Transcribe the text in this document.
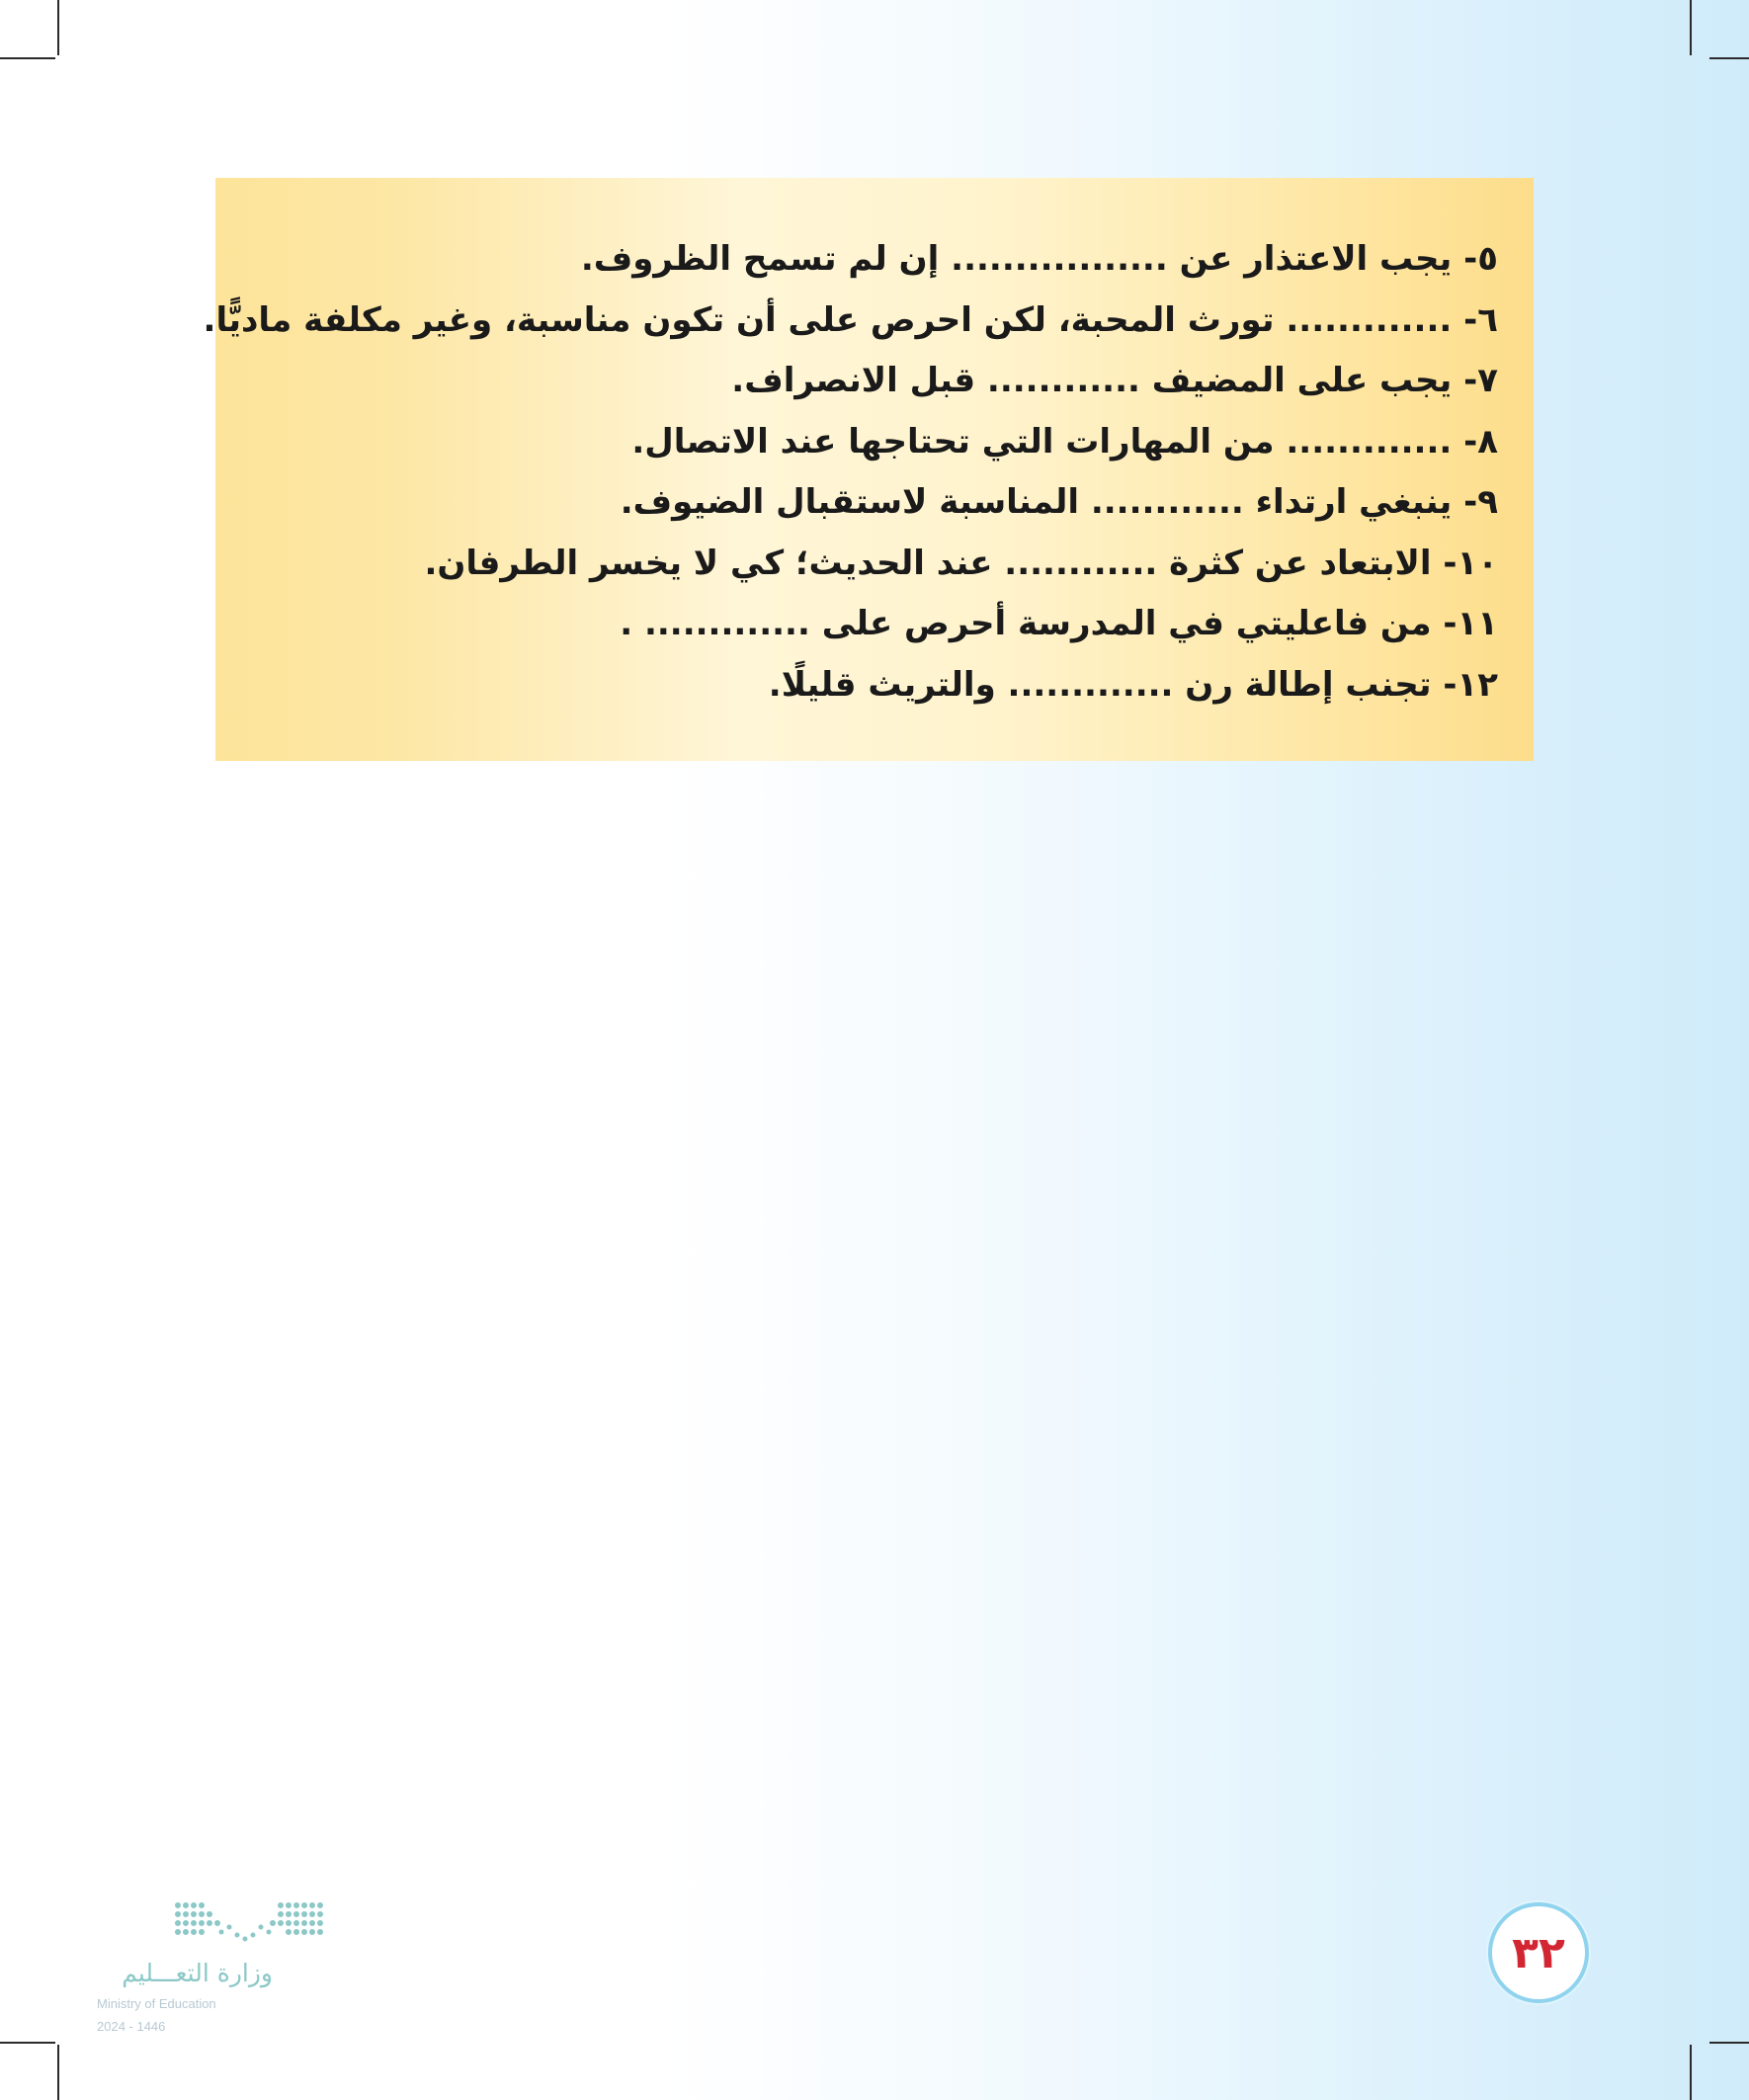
٥- يجب الاعتذار عن ................. إن لم تسمح الظروف.
٦- ............. تورث المحبة، لكن احرص على أن تكون مناسبة، وغير مكلفة ماديًّا.
٧- يجب على المضيف ............ قبل الانصراف.
٨- ............. من المهارات التي تحتاجها عند الاتصال.
٩- ينبغي ارتداء ............ المناسبة لاستقبال الضيوف.
١٠- الابتعاد عن كثرة ............ عند الحديث؛ كي لا يخسر الطرفان.
١١- من فاعليتي في المدرسة أحرص على ............. .
١٢- تجنب إطالة رن ............. والتريث قليلًا.
٣٢
وزارة التعـــليم
Ministry of Education
2024 - 1446
